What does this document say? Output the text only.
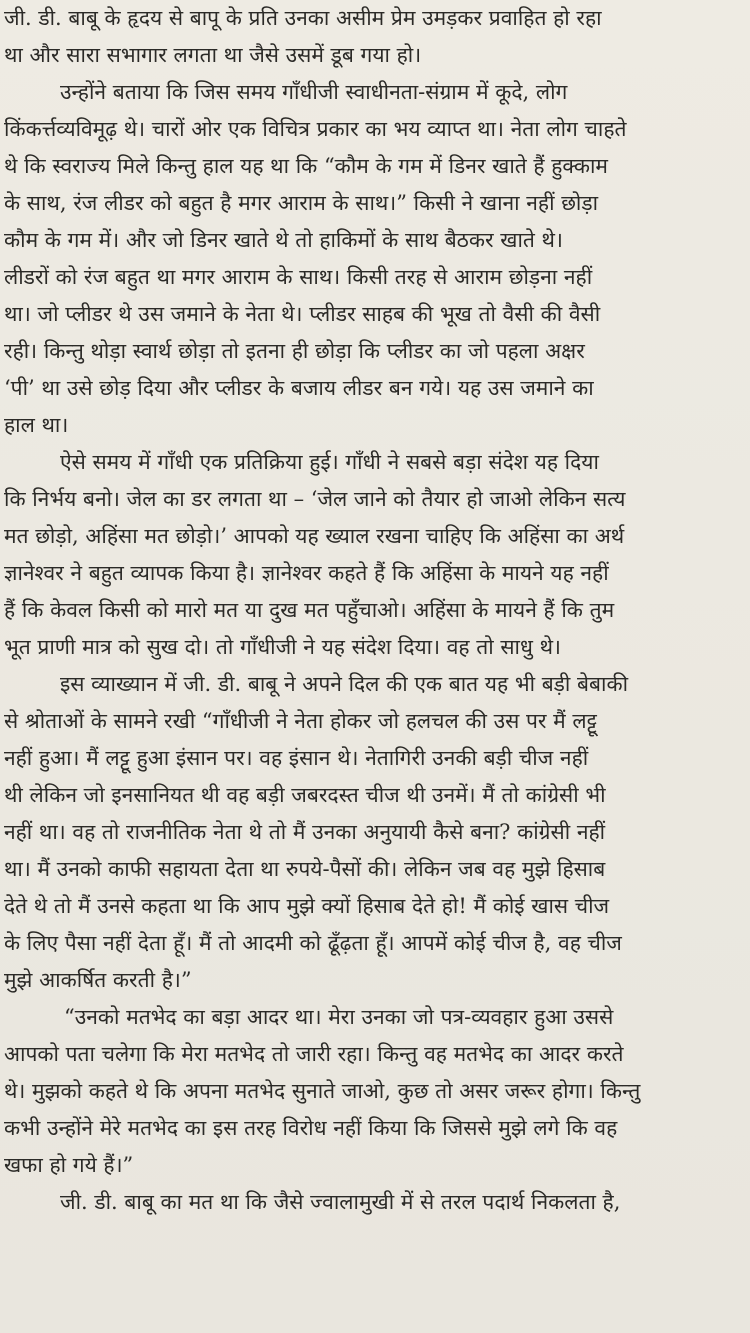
जी. डी. बाबू के हृदय से बापू के प्रति उनका असीम प्रेम उमड़कर प्रवाहित हो रहा
था और सारा सभागार लगता था जैसे उसमें डूब गया हो।
उन्होंने बताया कि जिस समय गाँधीजी स्वाधीनता-संग्राम में कूदे, लोग
किंकर्त्तव्यविमूढ़ थे। चारों ओर एक विचित्र प्रकार का भय व्याप्त था। नेता लोग चाहते
थे कि स्वराज्य मिले किन्तु हाल यह था कि “कौम के गम में डिनर खाते हैं हुक्काम
के साथ, रंज लीडर को बहुत है मगर आराम के साथ।” किसी ने खाना नहीं छोड़ा
कौम के गम में। और जो डिनर खाते थे तो हाकिमों के साथ बैठकर खाते थे।
लीडरों को रंज बहुत था मगर आराम के साथ। किसी तरह से आराम छोड़ना नहीं
था। जो प्लीडर थे उस जमाने के नेता थे। प्लीडर साहब की भूख तो वैसी की वैसी
रही। किन्तु थोड़ा स्वार्थ छोड़ा तो इतना ही छोड़ा कि प्लीडर का जो पहला अक्षर
‘पी’ था उसे छोड़ दिया और प्लीडर के बजाय लीडर बन गये। यह उस जमाने का
हाल था।
ऐसे समय में गाँधी एक प्रतिक्रिया हुई। गाँधी ने सबसे बड़ा संदेश यह दिया
कि निर्भय बनो। जेल का डर लगता था – ‘जेल जाने को तैयार हो जाओ लेकिन सत्य
मत छोड़ो, अहिंसा मत छोड़ो।’ आपको यह ख्याल रखना चाहिए कि अहिंसा का अर्थ
ज्ञानेश्वर ने बहुत व्यापक किया है। ज्ञानेश्वर कहते हैं कि अहिंसा के मायने यह नहीं
हैं कि केवल किसी को मारो मत या दुख मत पहुँचाओ। अहिंसा के मायने हैं कि तुम
भूत प्राणी मात्र को सुख दो। तो गाँधीजी ने यह संदेश दिया। वह तो साधु थे।
इस व्याख्यान में जी. डी. बाबू ने अपने दिल की एक बात यह भी बड़ी बेबाकी
से श्रोताओं के सामने रखी “गाँधीजी ने नेता होकर जो हलचल की उस पर मैं लट्टू
नहीं हुआ। मैं लट्टू हुआ इंसान पर। वह इंसान थे। नेतागिरी उनकी बड़ी चीज नहीं
थी लेकिन जो इनसानियत थी वह बड़ी जबरदस्त चीज थी उनमें। मैं तो कांग्रेसी भी
नहीं था। वह तो राजनीतिक नेता थे तो मैं उनका अनुयायी कैसे बना? कांग्रेसी नहीं
था। मैं उनको काफी सहायता देता था रुपये-पैसों की। लेकिन जब वह मुझे हिसाब
देते थे तो मैं उनसे कहता था कि आप मुझे क्यों हिसाब देते हो! मैं कोई खास चीज
के लिए पैसा नहीं देता हूँ। मैं तो आदमी को ढूँढ़ता हूँ। आपमें कोई चीज है, वह चीज
मुझे आकर्षित करती है।”
“उनको मतभेद का बड़ा आदर था। मेरा उनका जो पत्र-व्यवहार हुआ उससे
आपको पता चलेगा कि मेरा मतभेद तो जारी रहा। किन्तु वह मतभेद का आदर करते
थे। मुझको कहते थे कि अपना मतभेद सुनाते जाओ, कुछ तो असर जरूर होगा। किन्तु
कभी उन्होंने मेरे मतभेद का इस तरह विरोध नहीं किया कि जिससे मुझे लगे कि वह
खफा हो गये हैं।”
जी. डी. बाबू का मत था कि जैसे ज्वालामुखी में से तरल पदार्थ निकलता है,
